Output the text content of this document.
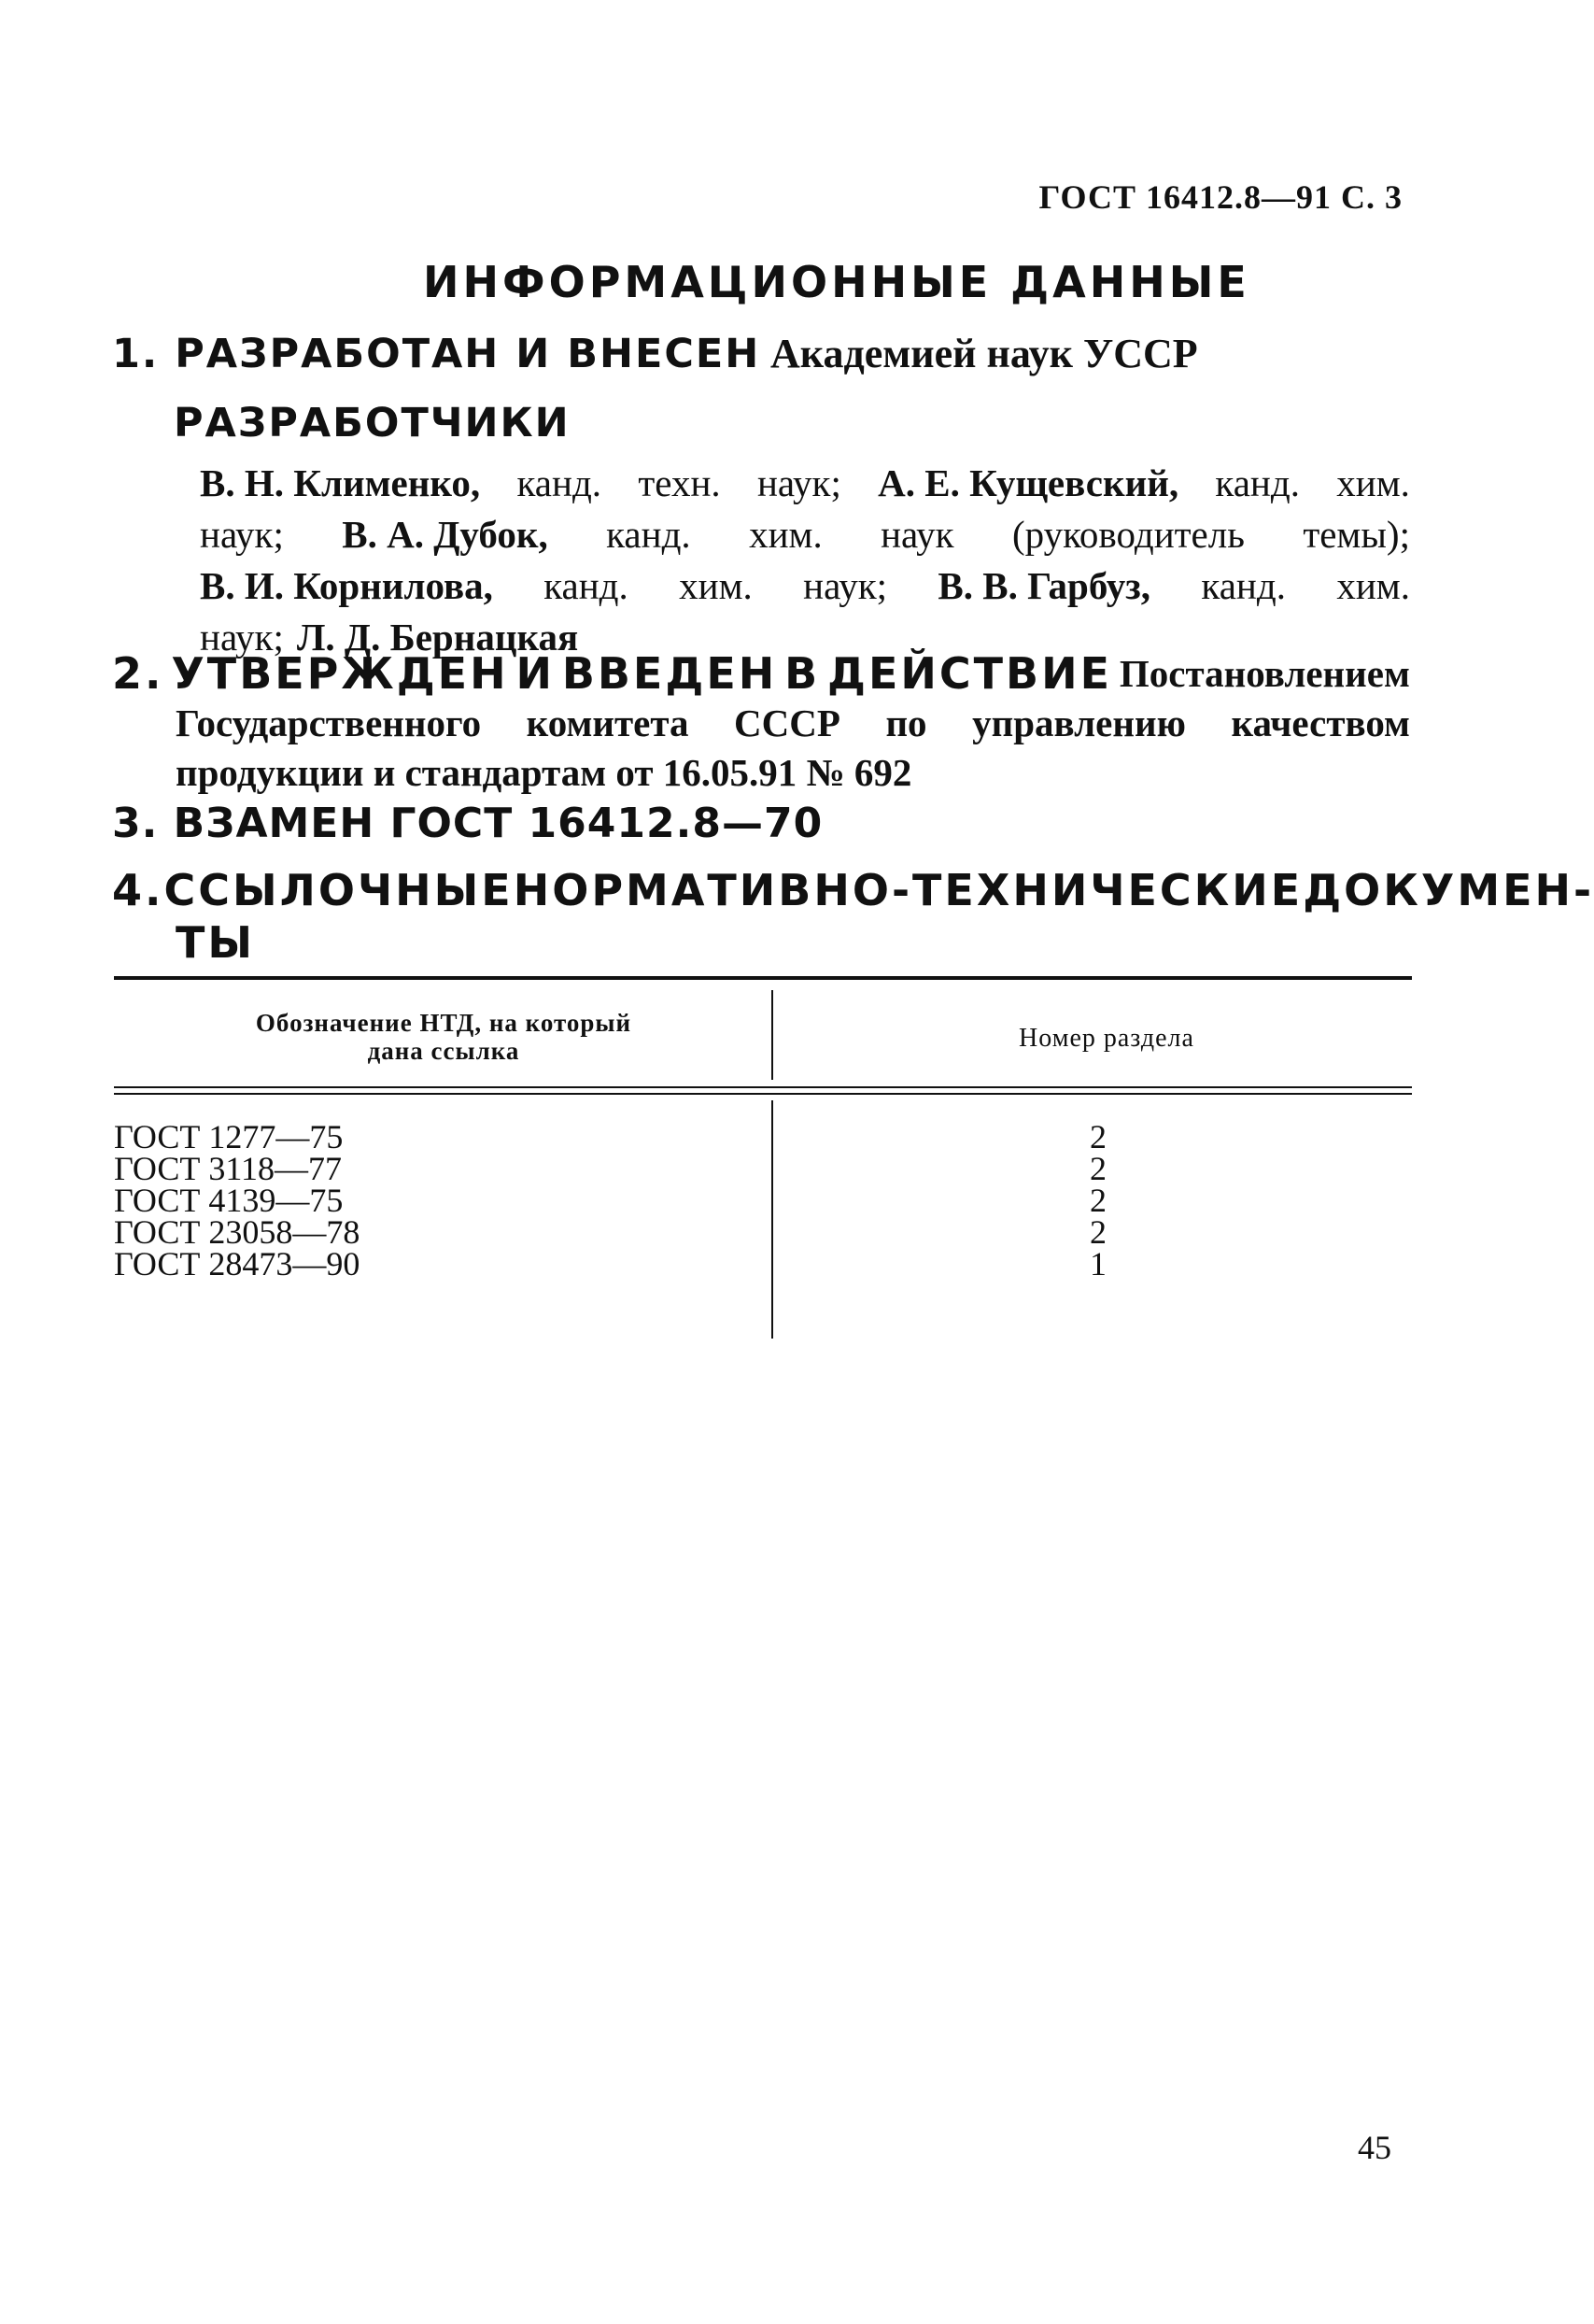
ГОСТ 16412.8—91 С. 3
ИНФОРМАЦИОННЫЕ ДАННЫЕ
1. РАЗРАБОТАН И ВНЕСЕН Академией наук УССР
РАЗРАБОТЧИКИ
В. Н. Клименко, канд. техн. наук; А. Е. Кущевский, канд. хим.
наук; В. А. Дубок, канд. хим. наук (руководитель темы);
В. И. Корнилова, канд. хим. наук; В. В. Гарбуз, канд. хим.
наук; Л. Д. Бернацкая
2. УТВЕРЖДЕН И ВВЕДЕН В ДЕЙСТВИЕ Постановлением
Государственного комитета СССР по управлению качеством
продукции и стандартам от 16.05.91 № 692
3. ВЗАМЕН ГОСТ 16412.8—70
4. ССЫЛОЧНЫЕ НОРМАТИВНО-ТЕХНИЧЕСКИЕ ДОКУМЕН-
ТЫ
Обозначение НТД, на который
дана ссылка	Номер раздела
ГОСТ 1277—75	2
ГОСТ 3118—77	2
ГОСТ 4139—75	2
ГОСТ 23058—78	2
ГОСТ 28473—90	1
45
